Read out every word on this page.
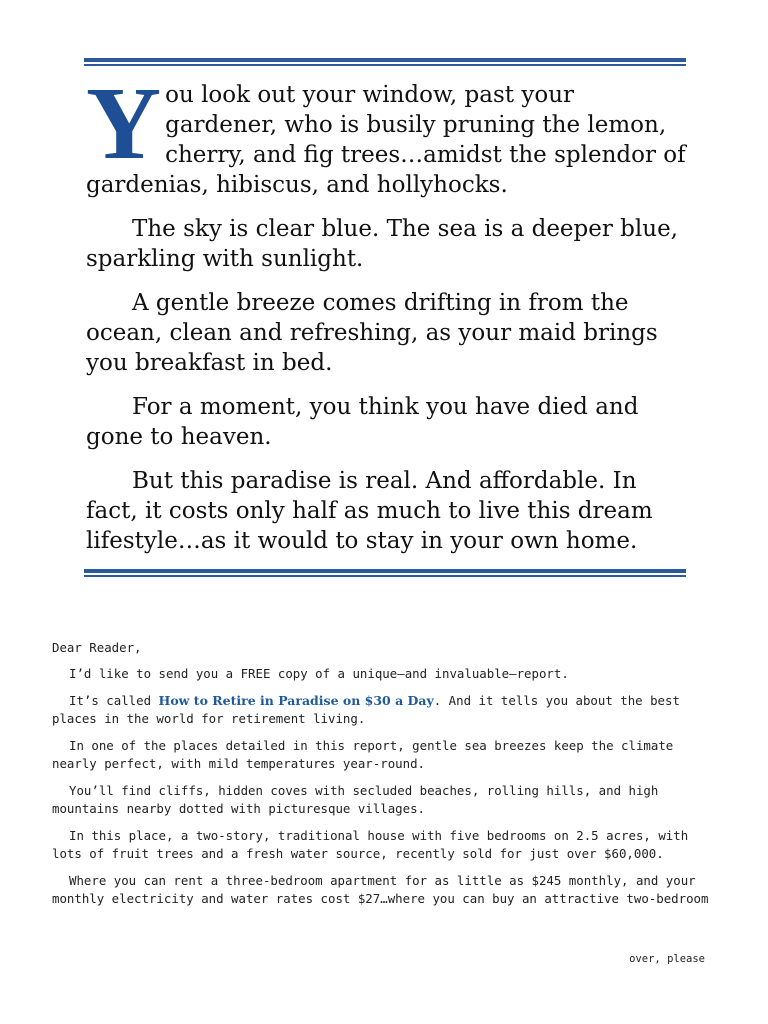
You look out your window, past your gardener, who is busily pruning the lemon, cherry, and fig trees…amidst the splendor of gardenias, hibiscus, and hollyhocks.

The sky is clear blue. The sea is a deeper blue, sparkling with sunlight.

A gentle breeze comes drifting in from the ocean, clean and refreshing, as your maid brings you breakfast in bed.

For a moment, you think you have died and gone to heaven.

But this paradise is real. And affordable. In fact, it costs only half as much to live this dream lifestyle…as it would to stay in your own home.

Dear Reader,

I’d like to send you a FREE copy of a unique—and invaluable—report.

It’s called How to Retire in Paradise on $30 a Day. And it tells you about the best places in the world for retirement living.

In one of the places detailed in this report, gentle sea breezes keep the climate nearly perfect, with mild temperatures year-round.

You’ll find cliffs, hidden coves with secluded beaches, rolling hills, and high mountains nearby dotted with picturesque villages.

In this place, a two-story, traditional house with five bedrooms on 2.5 acres, with lots of fruit trees and a fresh water source, recently sold for just over $60,000.

Where you can rent a three-bedroom apartment for as little as $245 monthly, and your monthly electricity and water rates cost $27…where you can buy an attractive two-bedroom

over, please
